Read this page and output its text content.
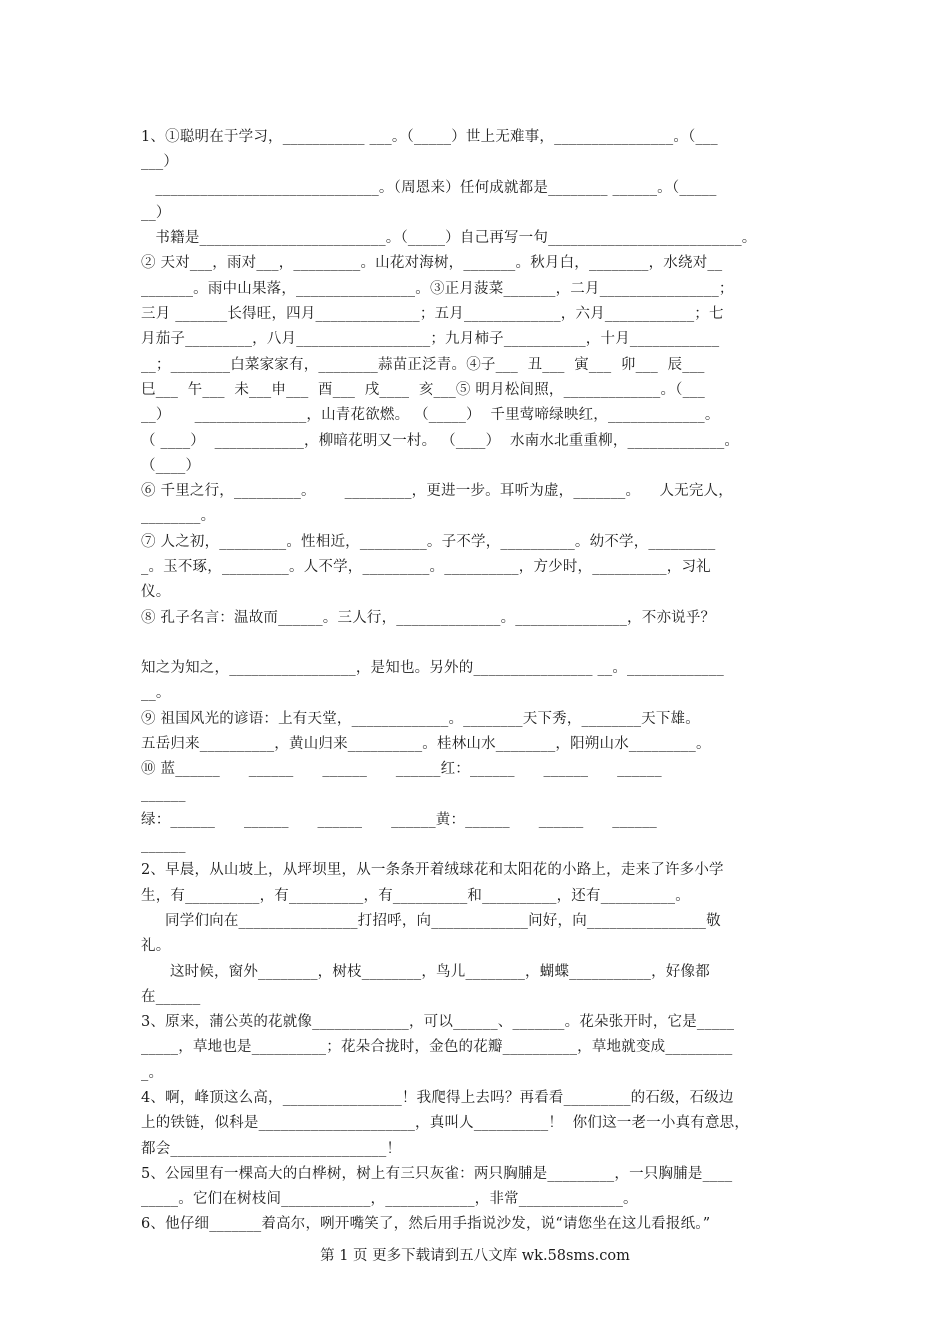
1、①聪明在于学习，___________ ___。（_____）世上无难事，________________。（___
___）
______________________________。（周恩来）任何成就都是________ ______。（_____
__）
书籍是_________________________。（_____）自己再写一句__________________________。
② 天对___，雨对___，_________。山花对海树，_______。秋月白，________，水绕对__
_______。雨中山果落，________________。③正月菠菜_______，二月________________；
三月 _______长得旺，四月______________；五月_____________，六月____________；七
月茄子_________，八月__________________；九月柿子___________，十月____________
__；________白菜家家有，________蒜苗正泛青。④子___  丑___  寅___  卯___  辰___
巳___  午___  未___申___  酉___  戌____  亥___⑤ 明月松间照，_____________。（___
__）     _______________，山青花欲燃。 （_____）  千里莺啼绿映红，_____________。
（ ____）  ____________，柳暗花明又一村。 （____）  水南水北重重柳，_____________。
（____）
⑥ 千里之行，_________。      _________，更进一步。耳听为虚，_______。    人无完人，
________。
⑦ 人之初，_________。性相近，_________。子不学，__________。幼不学，_________
_。玉不琢，_________。人不学，_________。__________，方少时，__________，习礼
仪。
⑧ 孔子名言：温故而______。三人行，______________。_______________，不亦说乎？
知之为知之，_________________，是知也。另外的________________ __。_____________
__。
⑨ 祖国风光的谚语：上有天堂，_____________。________天下秀，________天下雄。
五岳归来__________，黄山归来__________。桂林山水________，阳朔山水_________。
⑩ 蓝______      ______      ______      ______红：______      ______      ______
______
绿：______      ______      ______      ______黄：______      ______      ______
______
2、早晨，从山坡上，从坪坝里，从一条条开着绒球花和太阳花的小路上，走来了许多小学
生，有__________，有__________，有__________和__________，还有__________。
同学们向在________________打招呼，向_____________问好，向________________敬
礼。
这时候，窗外________，树枝________，鸟儿________，蝴蝶___________，好像都
在______
3、原来，蒲公英的花就像_____________，可以______、_______。花朵张开时，它是_____
_____，草地也是__________；花朵合拢时，金色的花瓣__________，草地就变成_________
_。
4、啊，峰顶这么高，________________！我爬得上去吗？再看看_________的石级，石级边
上的铁链，似科是_____________________，真叫人__________！  你们这一老一小真有意思，
都会_____________________________！
5、公园里有一棵高大的白桦树，树上有三只灰雀：两只胸脯是_________，一只胸脯是____
_____。它们在树枝间____________，____________，非常______________。
6、他仔细_______着高尔，咧开嘴笑了，然后用手指说沙发，说“请您坐在这儿看报纸。”
第 1 页 更多下载请到五八文库 wk.58sms.com
